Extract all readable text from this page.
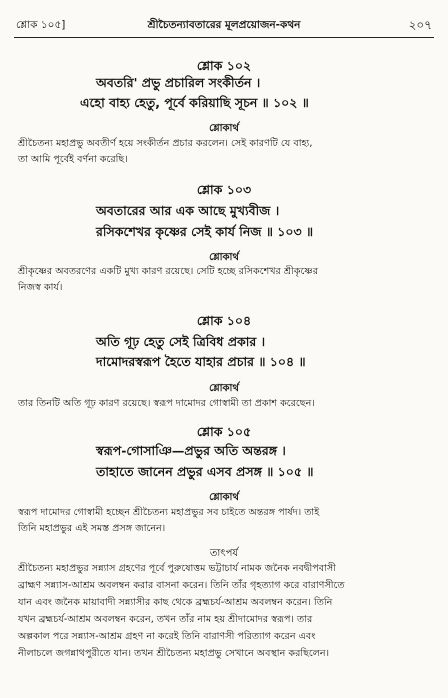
শ্লোক ১০৫]	শ্রীচৈতন্যাবতারের মূলপ্রয়োজন-কথন	২০৭
শ্লোক ১০২
অবতরি' প্রভু প্রচারিল সংকীর্তন ।
এহো বাহ্য হেতু, পূর্বে করিয়াছি সূচন ॥ ১০২ ॥
শ্লোকার্থ
শ্রীচৈতন্য মহাপ্রভু অবতীর্ণ হয়ে সংকীর্তন প্রচার করলেন। সেই কারণটি যে বাহ্য,
তা আমি পূর্বেই বর্ণনা করেছি।
শ্লোক ১০৩
অবতারের আর এক আছে মুখ্যবীজ ।
রসিকশেখর কৃষ্ণের সেই কার্য নিজ ॥ ১০৩ ॥
শ্লোকার্থ
শ্রীকৃষ্ণের অবতরণের একটি মুখ্য কারণ রয়েছে। সেটি হচ্ছে রসিকশেখর শ্রীকৃষ্ণের
নিজস্ব কার্য।
শ্লোক ১০৪
অতি গূঢ় হেতু সেই ত্রিবিধ প্রকার ।
দামোদরস্বরূপ হৈতে যাহার প্রচার ॥ ১০৪ ॥
শ্লোকার্থ
তার তিনটি অতি গূঢ় কারণ রয়েছে। স্বরূপ দামোদর গোস্বামী তা প্রকাশ করেছেন।
শ্লোক ১০৫
স্বরূপ-গোসাঞি—প্রভুর অতি অন্তরঙ্গ ।
তাহাতে জানেন প্রভুর এসব প্রসঙ্গ ॥ ১০৫ ॥
শ্লোকার্থ
স্বরূপ দামোদর গোস্বামী হচ্ছেন শ্রীচৈতন্য মহাপ্রভুর সব চাইতে অন্তরঙ্গ পার্ষদ। তাই
তিনি মহাপ্রভুর এই সমস্ত প্রসঙ্গ জানেন।
তাৎপর্য
শ্রীচৈতন্য মহাপ্রভুর সন্ন্যাস গ্রহণের পূর্বে পুরুষোত্তম ভট্টাচার্য নামক জনৈক নবদ্বীপবাসী
ব্রাহ্মণ সন্ন্যাস-আশ্রম অবলম্বন করার বাসনা করেন। তিনি তাঁর গৃহত্যাগ করে বারাণসীতে
যান এবং জনৈক মায়াবাদী সন্ন্যাসীর কাছ থেকে ব্রহ্মচর্য-আশ্রম অবলম্বন করেন। তিনি
যখন ব্রহ্মচর্য-আশ্রম অবলম্বন করেন, তখন তাঁর নাম হয় শ্রীদামোদর স্বরূপ। তার
অল্পকাল পরে সন্ন্যাস-আশ্রম গ্রহণ না করেই তিনি বারাণসী পরিত্যাগ করেন এবং
নীলাচলে জগন্নাথপুরীতে যান। তখন শ্রীচৈতন্য মহাপ্রভু সেখানে অবস্থান করছিলেন।
